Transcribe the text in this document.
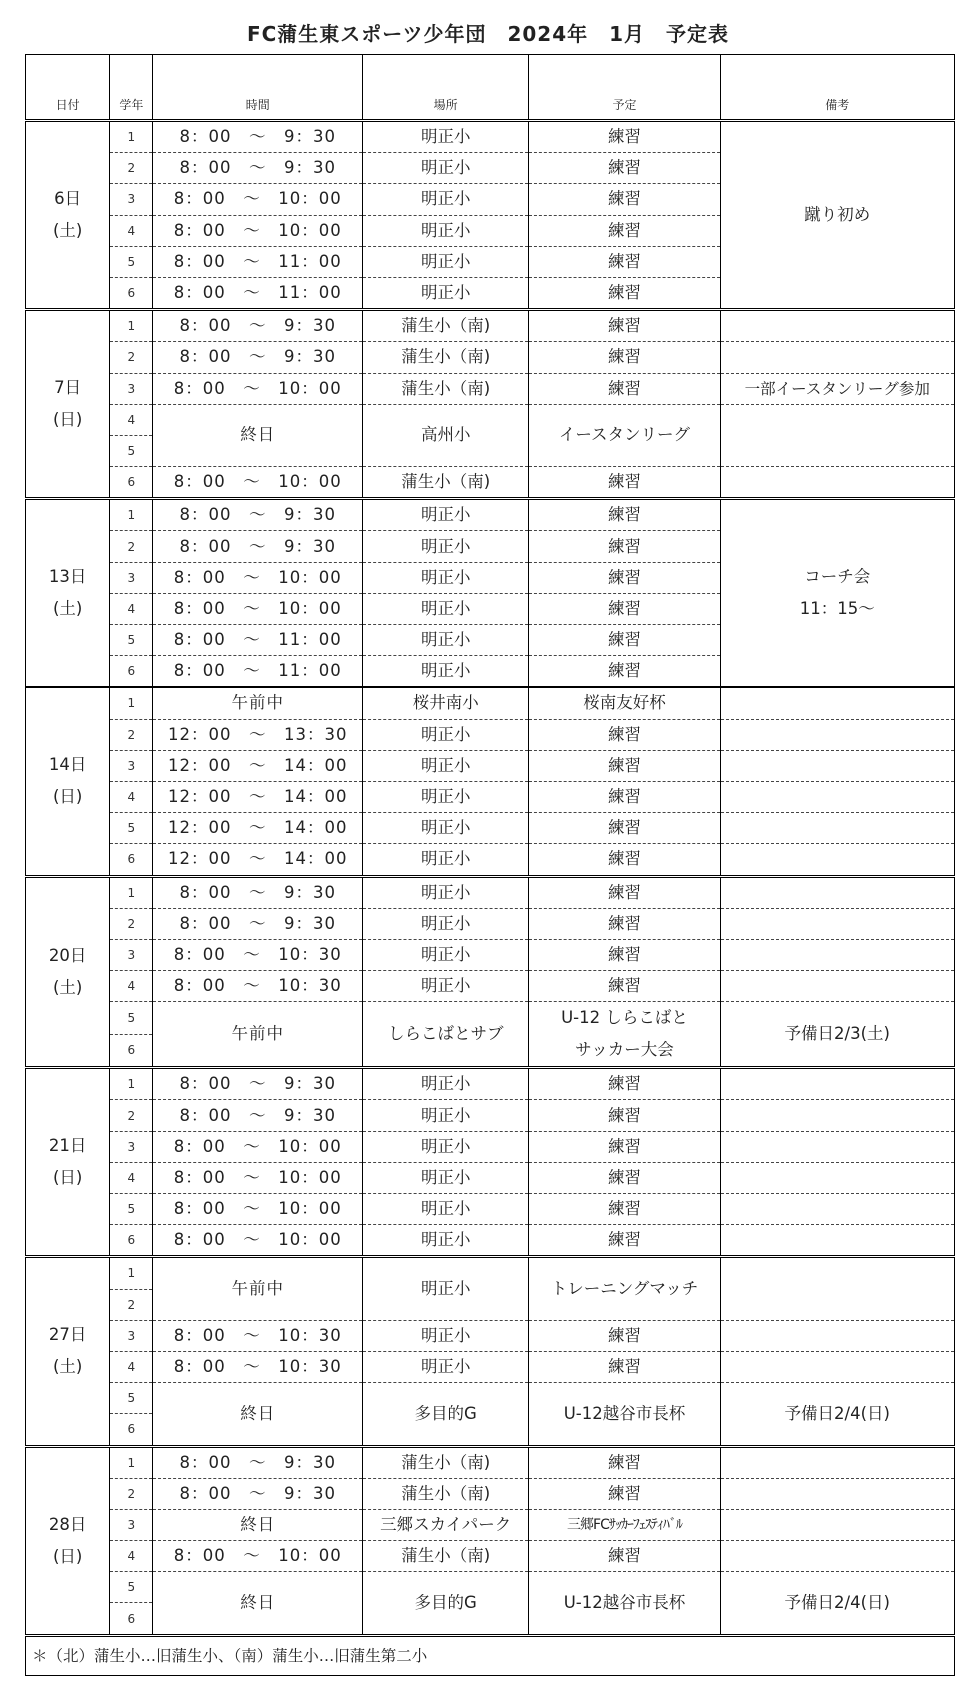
FC蒲生東スポーツ少年団　2024年　1月　予定表
日付	学年	時間	場所	予定	備考
6日
(土)	1	8：00　～　9：30	明正小	練習	蹴り初め
	2	8：00　～　9：30	明正小	練習	
	3	8：00　～　10：00	明正小	練習	
	4	8：00　～　10：00	明正小	練習	
	5	8：00　～　11：00	明正小	練習	
	6	8：00　～　11：00	明正小	練習	
7日
(日)	1	8：00　～　9：30	蒲生小（南)	練習	
	2	8：00　～　9：30	蒲生小（南)	練習	
	3	8：00　～　10：00	蒲生小（南)	練習	一部イースタンリーグ参加
	4	終日	高州小	イースタンリーグ	
	5				
	6	8：00　～　10：00	蒲生小（南)	練習	
13日
(土)	1	8：00　～　9：30	明正小	練習	コーチ会
11：15～
	2	8：00　～　9：30	明正小	練習	
	3	8：00　～　10：00	明正小	練習	
	4	8：00　～　10：00	明正小	練習	
	5	8：00　～　11：00	明正小	練習	
	6	8：00　～　11：00	明正小	練習	
14日
(日)	1	午前中	桜井南小	桜南友好杯	
	2	12：00　～　13：30	明正小	練習	
	3	12：00　～　14：00	明正小	練習	
	4	12：00　～　14：00	明正小	練習	
	5	12：00　～　14：00	明正小	練習	
	6	12：00　～　14：00	明正小	練習	
20日
(土)	1	8：00　～　9：30	明正小	練習	
	2	8：00　～　9：30	明正小	練習	
	3	8：00　～　10：30	明正小	練習	
	4	8：00　～　10：30	明正小	練習	
	5	午前中	しらこばとサブ	U-12 しらこばと
サッカー大会	予備日2/3(土)
	6				
21日
(日)	1	8：00　～　9：30	明正小	練習	
	2	8：00　～　9：30	明正小	練習	
	3	8：00　～　10：00	明正小	練習	
	4	8：00　～　10：00	明正小	練習	
	5	8：00　～　10：00	明正小	練習	
	6	8：00　～　10：00	明正小	練習	
27日
(土)	1	午前中	明正小	トレーニングマッチ	
	2				
	3	8：00　～　10：30	明正小	練習	
	4	8：00　～　10：30	明正小	練習	
	5	終日	多目的G	U-12越谷市長杯	予備日2/4(日)
	6				
28日
(日)	1	8：00　～　9：30	蒲生小（南)	練習	
	2	8：00　～　9：30	蒲生小（南)	練習	
	3	終日	三郷スカイパーク	三郷FCｻｯｶｰﾌｪｽﾃｨﾊﾞﾙ	
	4	8：00　～　10：00	蒲生小（南)	練習	
	5	終日	多目的G	U-12越谷市長杯	予備日2/4(日)
	6				
＊（北）蒲生小…旧蒲生小、（南）蒲生小…旧蒲生第二小					
